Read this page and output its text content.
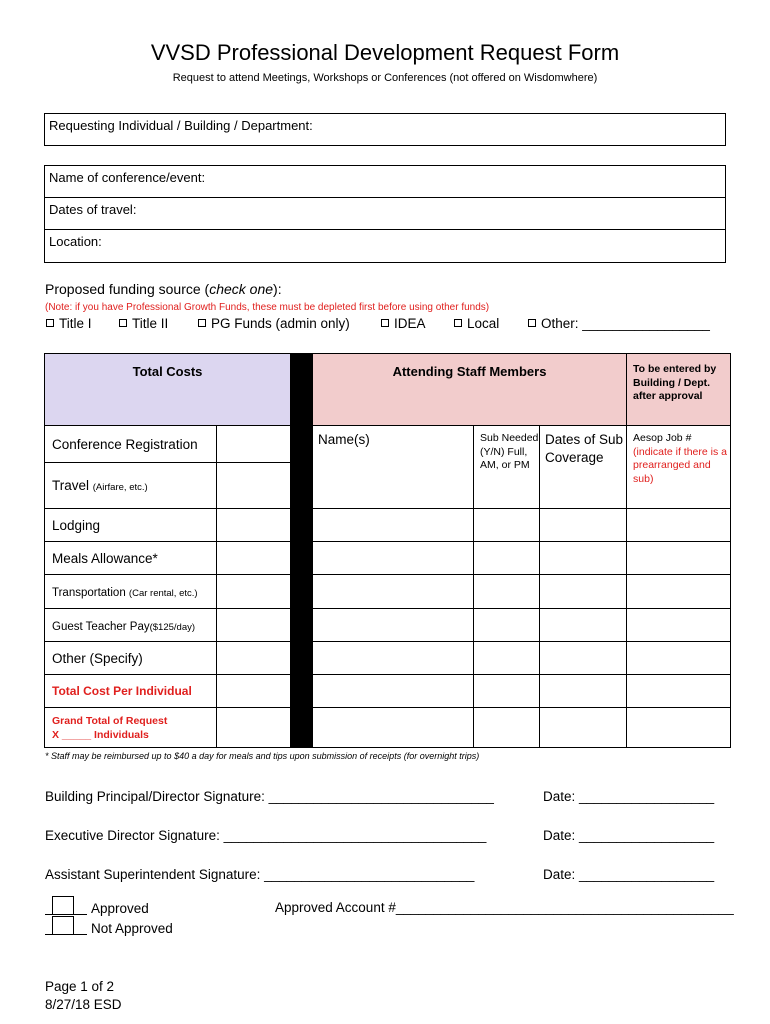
VVSD Professional Development Request Form
Request to attend Meetings, Workshops or Conferences (not offered on Wisdomwhere)
Requesting Individual / Building / Department:
Name of conference/event:
Dates of travel:
Location:
Proposed funding source (check one):
(Note: if you have Professional Growth Funds, these must be depleted first before using other funds)
Title I	Title II	PG Funds (admin only)	IDEA	Local	Other: _________________
Total Costs			Attending Staff Members			To be entered by Building / Dept. after approval
Conference Registration			Name(s)	Sub Needed (Y/N) Full, AM, or PM	Dates of Sub Coverage	Aesop Job #
(indicate if there is a prearranged and sub)

Travel (Airfare, etc.)						
Lodging						
Meals Allowance*						
Transportation (Car rental, etc.)						
Guest Teacher Pay($125/day)						
Other (Specify)						
Total Cost Per Individual						

Grand Total of Request
X _____ Individuals						

* Staff may be reimbursed up to $40 a day for meals and tips upon submission of receipts (for overnight trips)
Building Principal/Director Signature: ______________________________	Date: __________________
Executive Director Signature: ___________________________________	Date: __________________
Assistant Superintendent Signature: ____________________________	Date: __________________
Approved
Not Approved
Approved Account #_____________________________________________
Page 1 of 2
8/27/18 ESD
